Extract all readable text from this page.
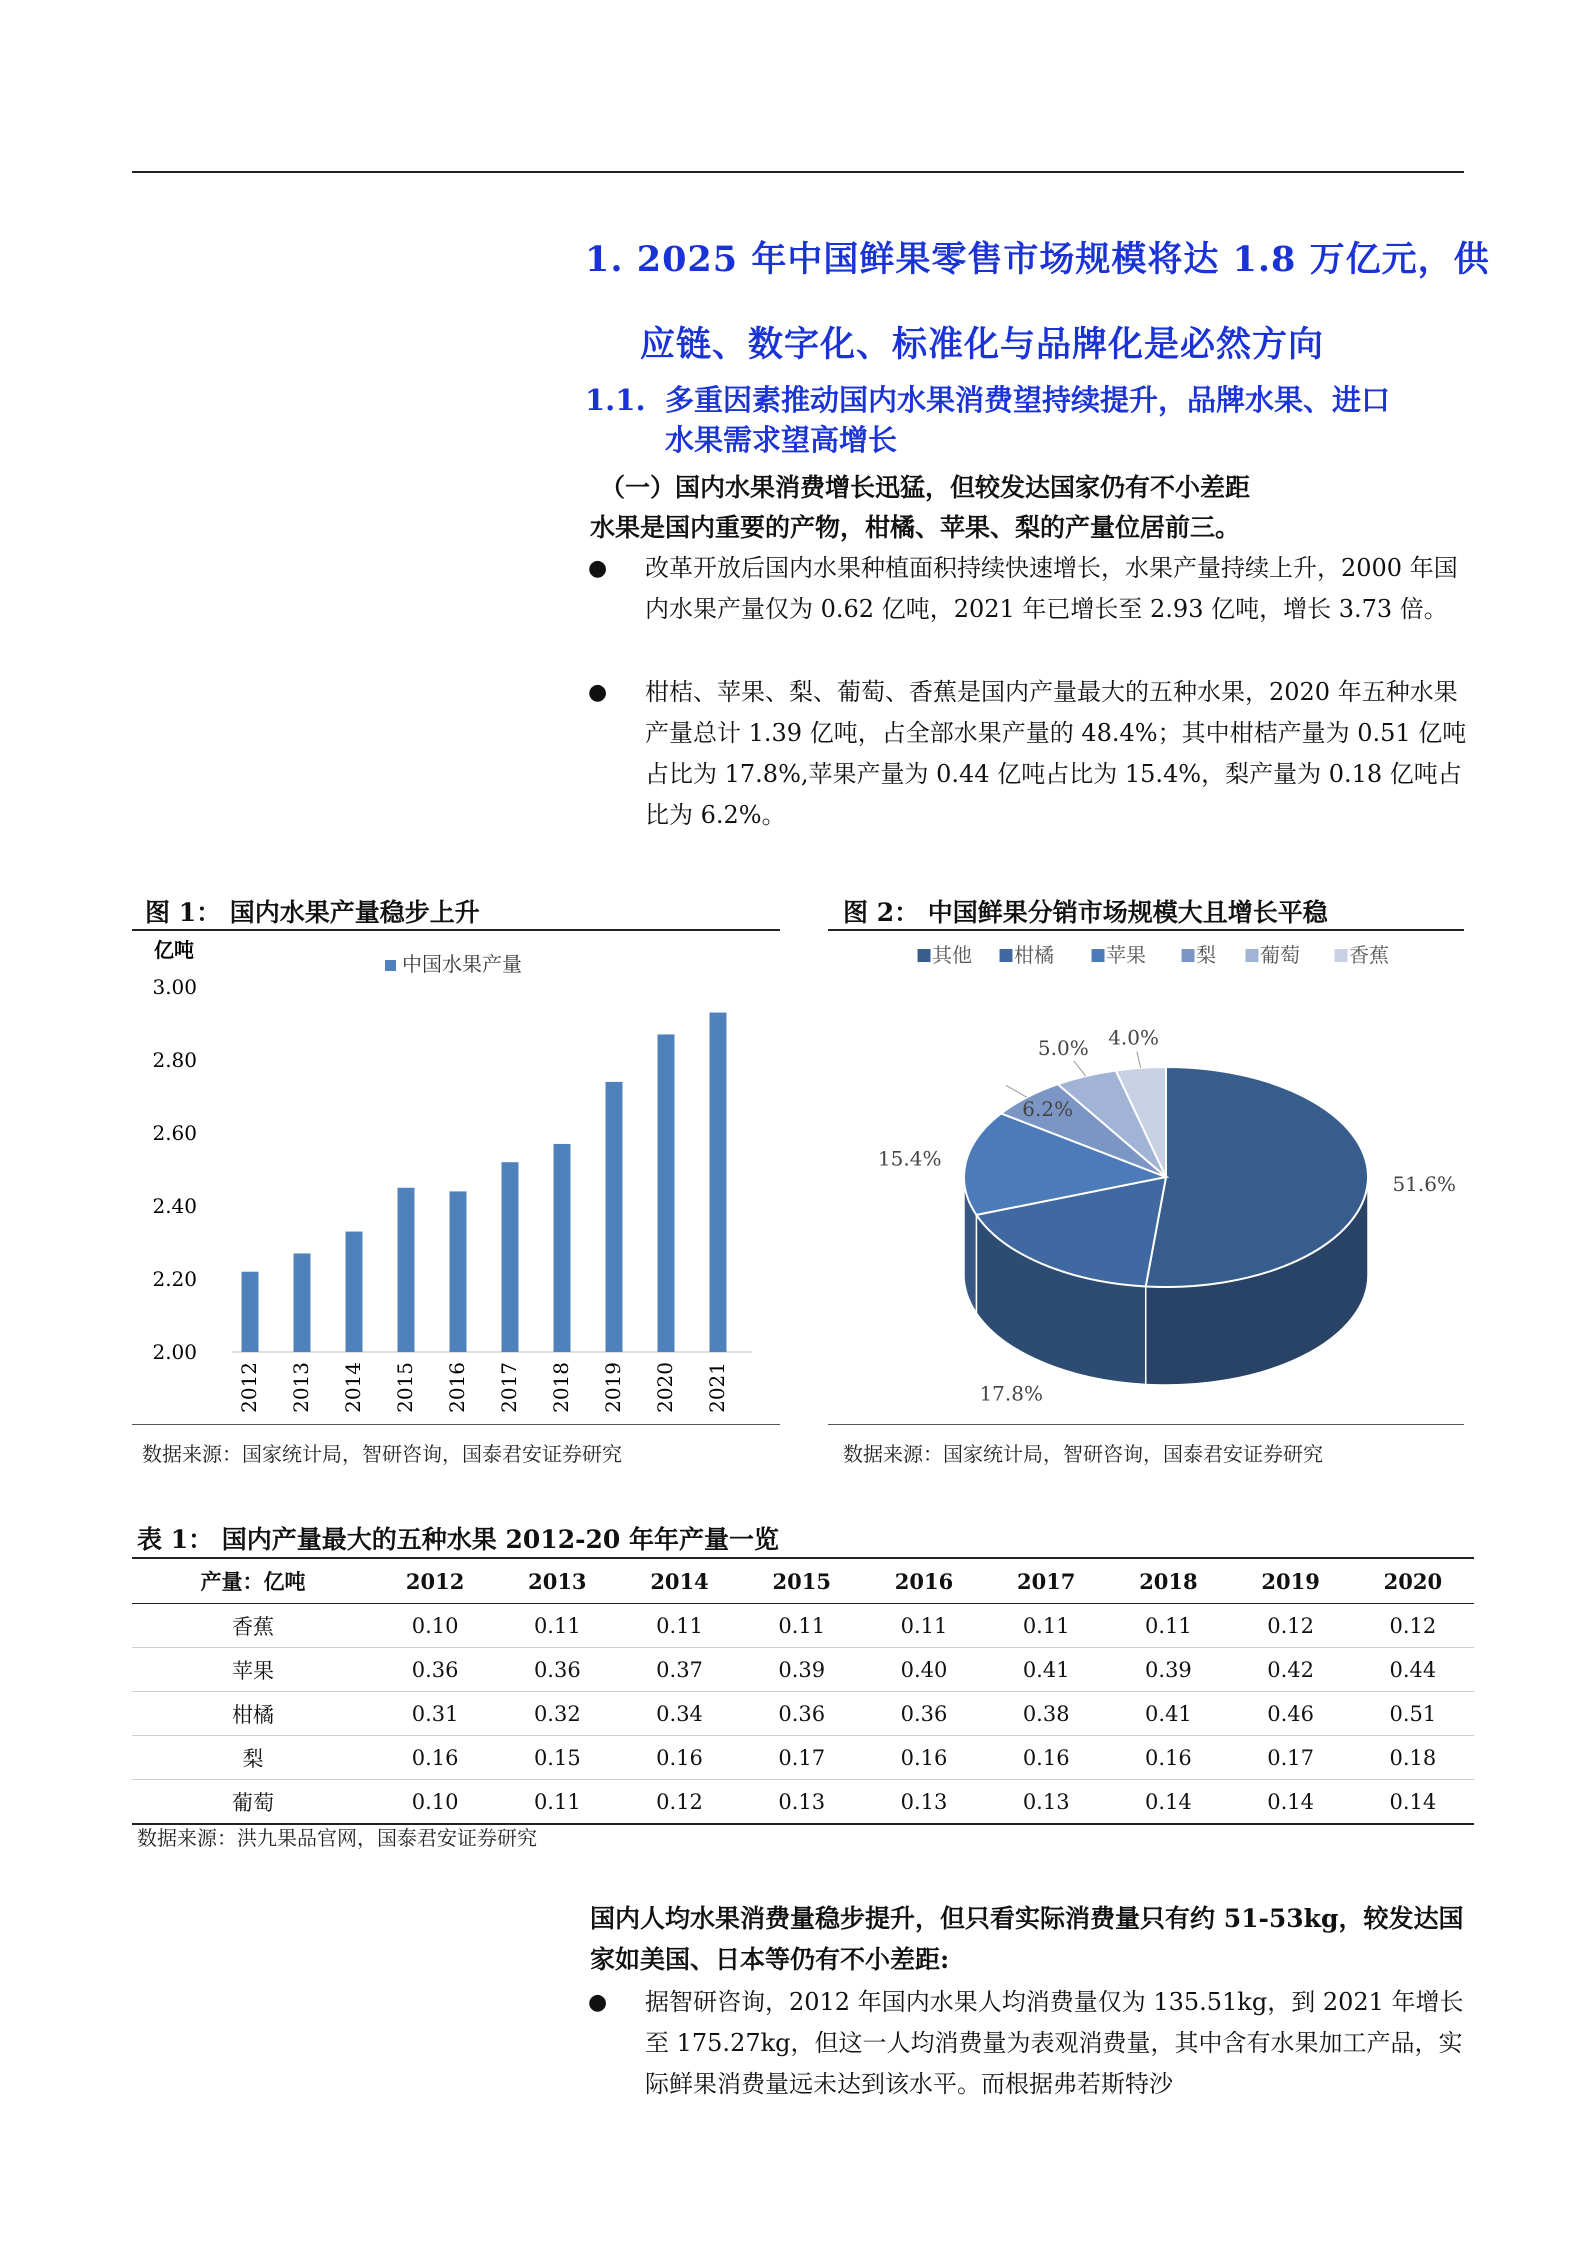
1. 2025 年中国鲜果零售市场规模将达 1.8 万亿元，供
应链、数字化、标准化与品牌化是必然方向
1.1. 多重因素推动国内水果消费望持续提升，品牌水果、进口
水果需求望高增长
（一）国内水果消费增长迅猛，但较发达国家仍有不小差距
水果是国内重要的产物，柑橘、苹果、梨的产量位居前三。
● 改革开放后国内水果种植面积持续快速增长，水果产量持续上升，2000 年国内水果产量仅为 0.62 亿吨，2021 年已增长至 2.93 亿吨，增长 3.73 倍。
● 柑桔、苹果、梨、葡萄、香蕉是国内产量最大的五种水果，2020 年五种水果产量总计 1.39 亿吨，占全部水果产量的 48.4%；其中柑桔产量为 0.51 亿吨占比为 17.8%,苹果产量为 0.44 亿吨占比为 15.4%，梨产量为 0.18 亿吨占比为 6.2%。
图 1： 国内水果产量稳步上升	图 2： 中国鲜果分销市场规模大且增长平稳
亿吨
中国水果产量
2.00
2.20
2.40
2.60
2.80
3.00
2012 2013 2014 2015 2016 2017 2018 2019 2020 2021
■ 其他 ■ 柑橘 ■ 苹果 ■ 梨 ■ 葡萄 ■ 香蕉
51.6%
17.8%
15.4%
6.2%
5.0% 4.0%
数据来源：国家统计局，智研咨询，国泰君安证券研究	数据来源：国家统计局，智研咨询，国泰君安证券研究
表 1： 国内产量最大的五种水果 2012-20 年年产量一览
产量：亿吨	2012	2013	2014	2015	2016	2017	2018	2019	2020
香蕉	0.10	0.11	0.11	0.11	0.11	0.11	0.11	0.12	0.12
苹果	0.36	0.36	0.37	0.39	0.40	0.41	0.39	0.42	0.44
柑橘	0.31	0.32	0.34	0.36	0.36	0.38	0.41	0.46	0.51
梨	0.16	0.15	0.16	0.17	0.16	0.16	0.16	0.17	0.18
葡萄	0.10	0.11	0.12	0.13	0.13	0.13	0.14	0.14	0.14
数据来源：洪九果品官网，国泰君安证券研究
国内人均水果消费量稳步提升，但只看实际消费量只有约 51-53kg，较发达国家如美国、日本等仍有不小差距:
● 据智研咨询，2012 年国内水果人均消费量仅为 135.51kg，到 2021 年增长至 175.27kg，但这一人均消费量为表观消费量，其中含有水果加工产品，实际鲜果消费量远未达到该水平。而根据弗若斯特沙
